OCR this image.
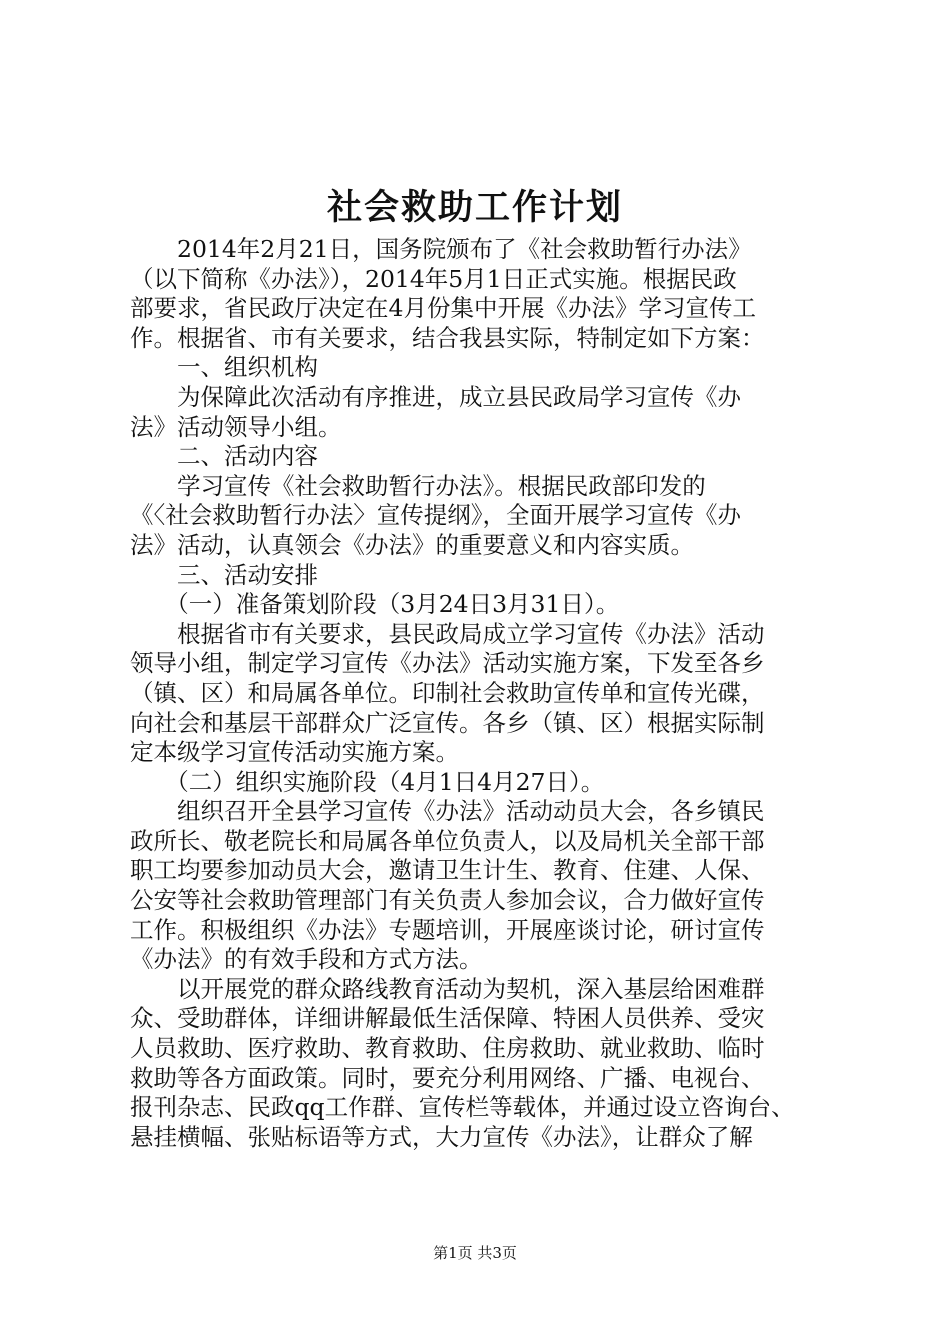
社会救助工作计划
　　2014年2月21日，国务院颁布了《社会救助暂行办法》
（以下简称《办法》），2014年5月1日正式实施。根据民政
部要求，省民政厅决定在4月份集中开展《办法》学习宣传工
作。根据省、市有关要求，结合我县实际，特制定如下方案：
　　一、组织机构
　　为保障此次活动有序推进，成立县民政局学习宣传《办
法》活动领导小组。
　　二、活动内容
　　学习宣传《社会救助暂行办法》。根据民政部印发的
《〈社会救助暂行办法〉宣传提纲》，全面开展学习宣传《办
法》活动，认真领会《办法》的重要意义和内容实质。
　　三、活动安排
　　（一）准备策划阶段（3月24日3月31日）。
　　根据省市有关要求，县民政局成立学习宣传《办法》活动
领导小组，制定学习宣传《办法》活动实施方案，下发至各乡
（镇、区）和局属各单位。印制社会救助宣传单和宣传光碟，
向社会和基层干部群众广泛宣传。各乡（镇、区）根据实际制
定本级学习宣传活动实施方案。
　　（二）组织实施阶段（4月1日4月27日）。
　　组织召开全县学习宣传《办法》活动动员大会，各乡镇民
政所长、敬老院长和局属各单位负责人，以及局机关全部干部
职工均要参加动员大会，邀请卫生计生、教育、住建、人保、
公安等社会救助管理部门有关负责人参加会议，合力做好宣传
工作。积极组织《办法》专题培训，开展座谈讨论，研讨宣传
《办法》的有效手段和方式方法。
　　以开展党的群众路线教育活动为契机，深入基层给困难群
众、受助群体，详细讲解最低生活保障、特困人员供养、受灾
人员救助、医疗救助、教育救助、住房救助、就业救助、临时
救助等各方面政策。同时，要充分利用网络、广播、电视台、
报刊杂志、民政qq工作群、宣传栏等载体，并通过设立咨询台、
悬挂横幅、张贴标语等方式，大力宣传《办法》，让群众了解
第1页 共3页
